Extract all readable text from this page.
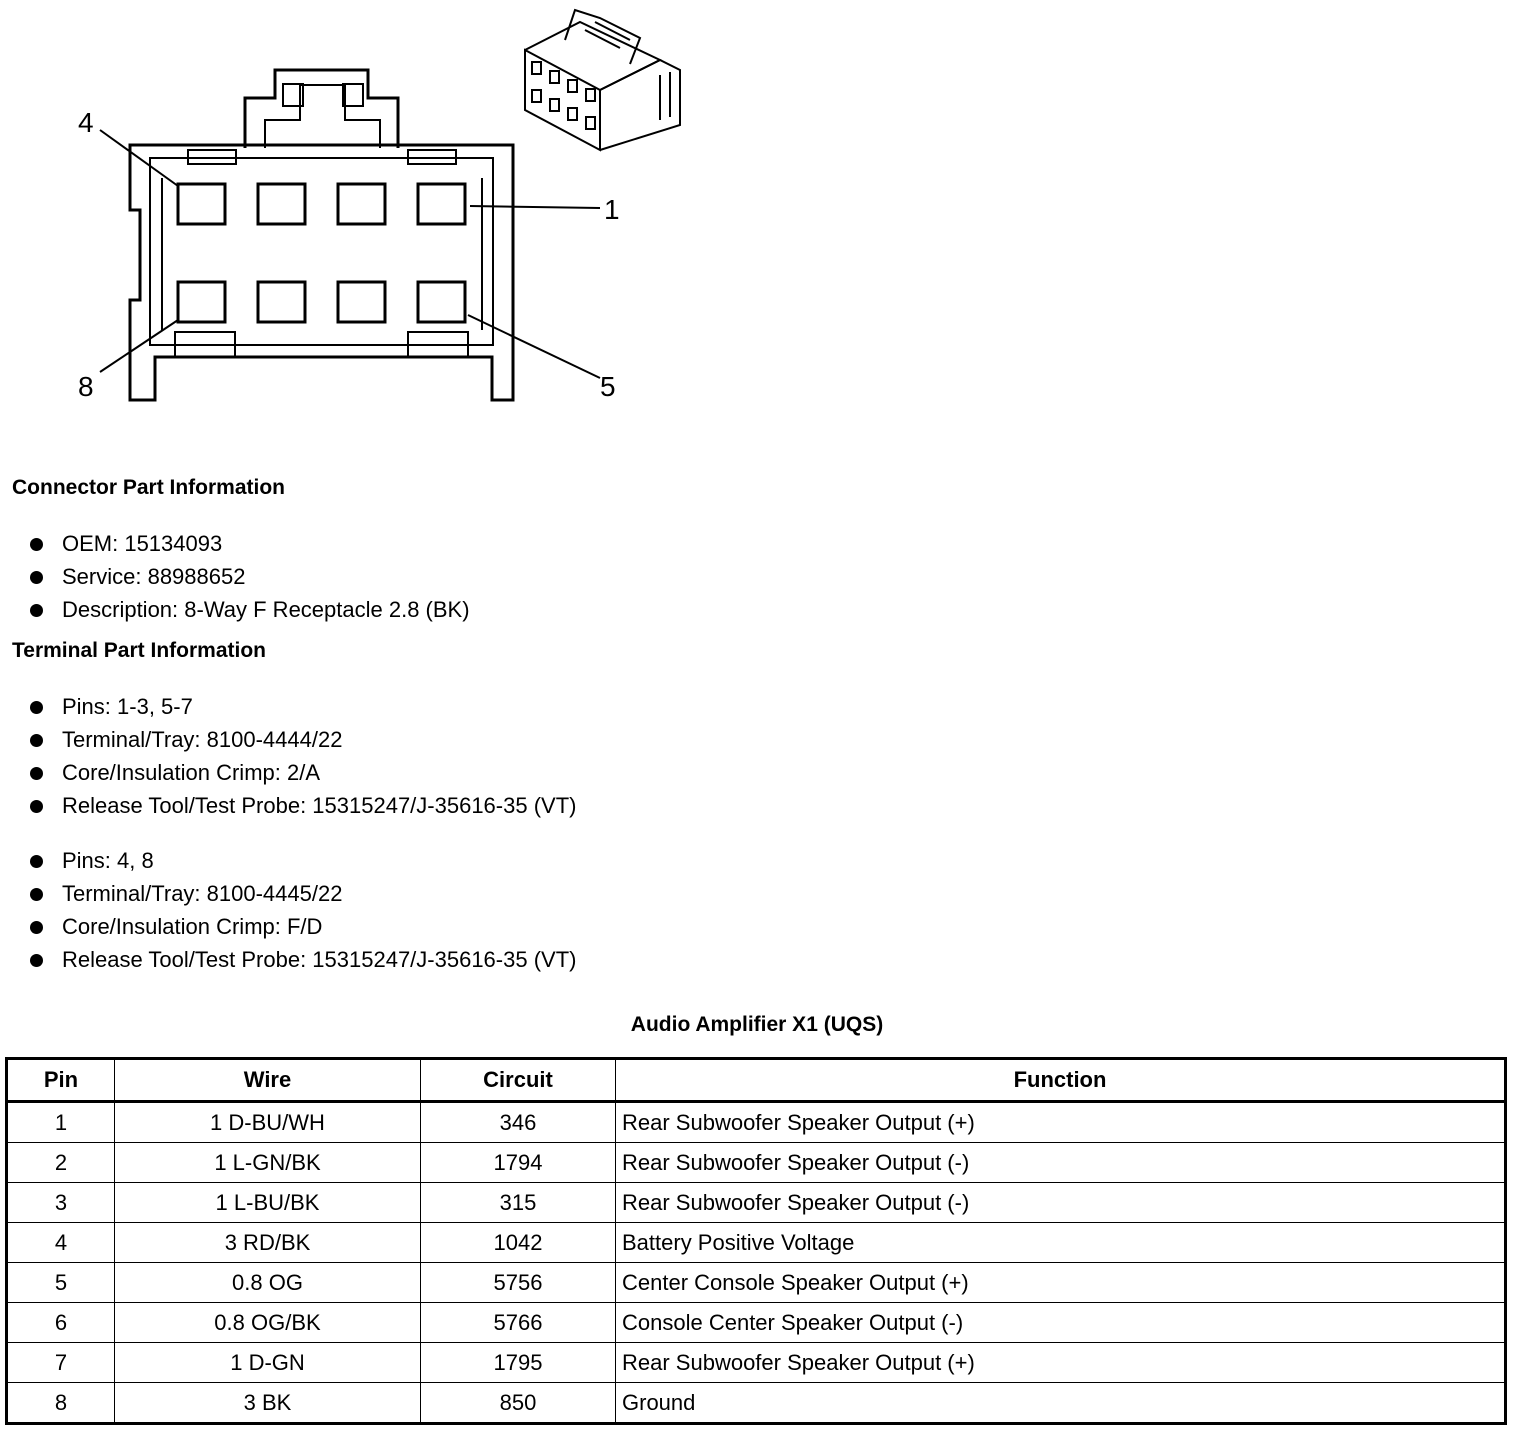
4
1
8	5
Connector Part Information
OEM: 15134093
Service: 88988652
Description: 8-Way F Receptacle 2.8 (BK)
Terminal Part Information
Pins: 1-3, 5-7
Terminal/Tray: 8100-4444/22
Core/Insulation Crimp: 2/A
Release Tool/Test Probe: 15315247/J-35616-35 (VT)
Pins: 4, 8
Terminal/Tray: 8100-4445/22
Core/Insulation Crimp: F/D
Release Tool/Test Probe: 15315247/J-35616-35 (VT)
Audio Amplifier X1 (UQS)
Pin	Wire	Circuit	Function
1	1 D-BU/WH	346	Rear Subwoofer Speaker Output (+)
2	1 L-GN/BK	1794	Rear Subwoofer Speaker Output (-)
3	1 L-BU/BK	315	Rear Subwoofer Speaker Output (-)
4	3 RD/BK	1042	Battery Positive Voltage
5	0.8 OG	5756	Center Console Speaker Output (+)
6	0.8 OG/BK	5766	Console Center Speaker Output (-)
7	1 D-GN	1795	Rear Subwoofer Speaker Output (+)
8	3 BK	850	Ground
